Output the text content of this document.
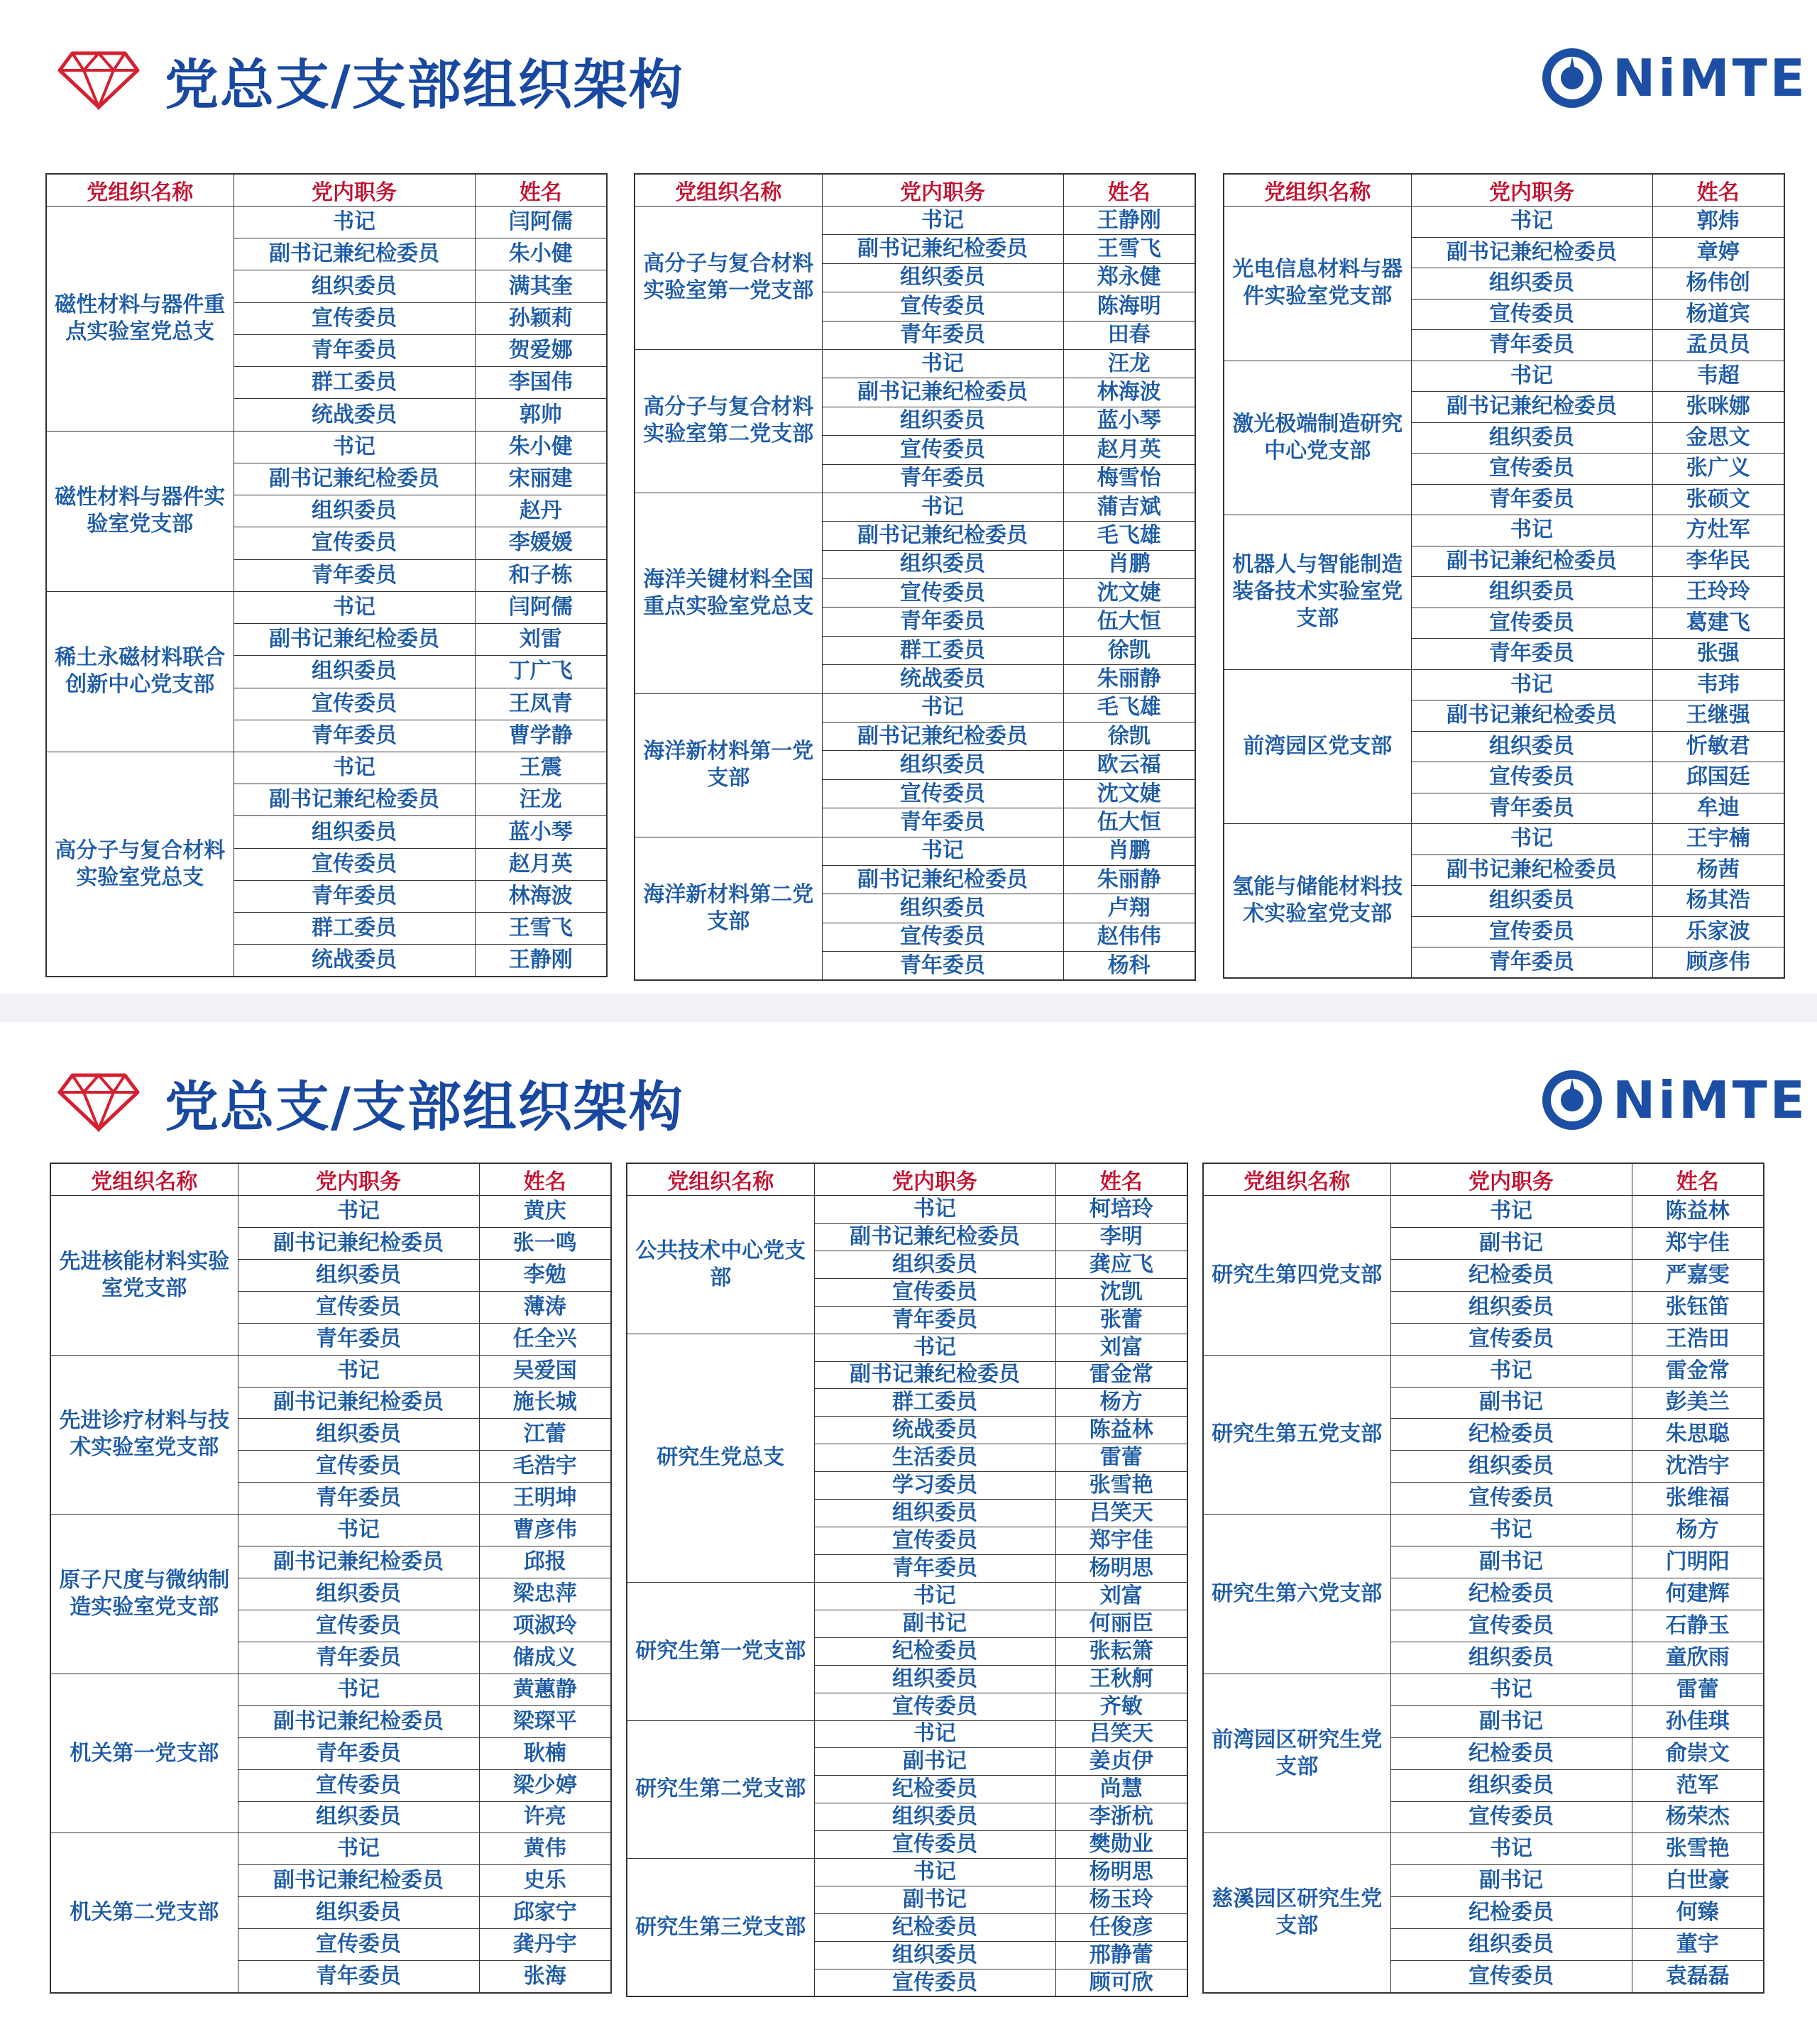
党总支/支部组织架构	NiMTE
党组织名称	党内职务	姓名
磁性材料与器件重点实验室党总支	书记	闫阿儒
	副书记兼纪检委员	朱小健
	组织委员	满其奎
	宣传委员	孙颖莉
	青年委员	贺爱娜
	群工委员	李国伟
	统战委员	郭帅
磁性材料与器件实验室党支部	书记	朱小健
	副书记兼纪检委员	宋丽建
	组织委员	赵丹
	宣传委员	李媛媛
	青年委员	和子栋
稀土永磁材料联合创新中心党支部	书记	闫阿儒
	副书记兼纪检委员	刘雷
	组织委员	丁广飞
	宣传委员	王凤青
	青年委员	曹学静
高分子与复合材料实验室党总支	书记	王震
	副书记兼纪检委员	汪龙
	组织委员	蓝小琴
	宣传委员	赵月英
	青年委员	林海波
	群工委员	王雪飞
	统战委员	王静刚
党组织名称	党内职务	姓名
高分子与复合材料实验室第一党支部	书记	王静刚
	副书记兼纪检委员	王雪飞
	组织委员	郑永健
	宣传委员	陈海明
	青年委员	田春
高分子与复合材料实验室第二党支部	书记	汪龙
	副书记兼纪检委员	林海波
	组织委员	蓝小琴
	宣传委员	赵月英
	青年委员	梅雪怡
海洋关键材料全国重点实验室党总支	书记	蒲吉斌
	副书记兼纪检委员	毛飞雄
	组织委员	肖鹏
	宣传委员	沈文婕
	青年委员	伍大恒
	群工委员	徐凯
	统战委员	朱丽静
海洋新材料第一党支部	书记	毛飞雄
	副书记兼纪检委员	徐凯
	组织委员	欧云福
	宣传委员	沈文婕
	青年委员	伍大恒
海洋新材料第二党支部	书记	肖鹏
	副书记兼纪检委员	朱丽静
	组织委员	卢翔
	宣传委员	赵伟伟
	青年委员	杨科
党组织名称	党内职务	姓名
光电信息材料与器件实验室党支部	书记	郭炜
	副书记兼纪检委员	章婷
	组织委员	杨伟创
	宣传委员	杨道宾
	青年委员	孟员员
激光极端制造研究中心党支部	书记	韦超
	副书记兼纪检委员	张咪娜
	组织委员	金思文
	宣传委员	张广义
	青年委员	张硕文
机器人与智能制造装备技术实验室党支部	书记	方灶军
	副书记兼纪检委员	李华民
	组织委员	王玲玲
	宣传委员	葛建飞
	青年委员	张强
前湾园区党支部	书记	韦玮
	副书记兼纪检委员	王继强
	组织委员	忻敏君
	宣传委员	邱国廷
	青年委员	牟迪
氢能与储能材料技术实验室党支部	书记	王宇楠
	副书记兼纪检委员	杨茜
	组织委员	杨其浩
	宣传委员	乐家波
	青年委员	顾彦伟
党总支/支部组织架构	NiMTE
党组织名称	党内职务	姓名
先进核能材料实验室党支部	书记	黄庆
	副书记兼纪检委员	张一鸣
	组织委员	李勉
	宣传委员	薄涛
	青年委员	任全兴
先进诊疗材料与技术实验室党支部	书记	吴爱国
	副书记兼纪检委员	施长城
	组织委员	江蕾
	宣传委员	毛浩宇
	青年委员	王明坤
原子尺度与微纳制造实验室党支部	书记	曹彦伟
	副书记兼纪检委员	邱报
	组织委员	梁忠萍
	宣传委员	项淑玲
	青年委员	储成义
机关第一党支部	书记	黄蕙静
	副书记兼纪检委员	梁琛平
	青年委员	耿楠
	宣传委员	梁少婷
	组织委员	许亮
机关第二党支部	书记	黄伟
	副书记兼纪检委员	史乐
	组织委员	邱家宁
	宣传委员	龚丹宇
	青年委员	张海
党组织名称	党内职务	姓名
公共技术中心党支部	书记	柯培玲
	副书记兼纪检委员	李明
	组织委员	龚应飞
	宣传委员	沈凯
	青年委员	张蕾
研究生党总支	书记	刘富
	副书记兼纪检委员	雷金常
	群工委员	杨方
	统战委员	陈益林
	生活委员	雷蕾
	学习委员	张雪艳
	组织委员	吕笑天
	宣传委员	郑宇佳
	青年委员	杨明思
研究生第一党支部	书记	刘富
	副书记	何丽臣
	纪检委员	张耘箫
	组织委员	王秋舸
	宣传委员	齐敏
研究生第二党支部	书记	吕笑天
	副书记	姜贞伊
	纪检委员	尚慧
	组织委员	李浙杭
	宣传委员	樊勋业
研究生第三党支部	书记	杨明思
	副书记	杨玉玲
	纪检委员	任俊彦
	组织委员	邢静蕾
	宣传委员	顾可欣
党组织名称	党内职务	姓名
研究生第四党支部	书记	陈益林
	副书记	郑宇佳
	纪检委员	严嘉雯
	组织委员	张钰笛
	宣传委员	王浩田
研究生第五党支部	书记	雷金常
	副书记	彭美兰
	纪检委员	朱思聪
	组织委员	沈浩宇
	宣传委员	张维福
研究生第六党支部	书记	杨方
	副书记	门明阳
	纪检委员	何建辉
	宣传委员	石静玉
	组织委员	童欣雨
前湾园区研究生党支部	书记	雷蕾
	副书记	孙佳琪
	纪检委员	俞崇文
	组织委员	范军
	宣传委员	杨荣杰
慈溪园区研究生党支部	书记	张雪艳
	副书记	白世豪
	纪检委员	何臻
	组织委员	董宇
	宣传委员	袁磊磊
